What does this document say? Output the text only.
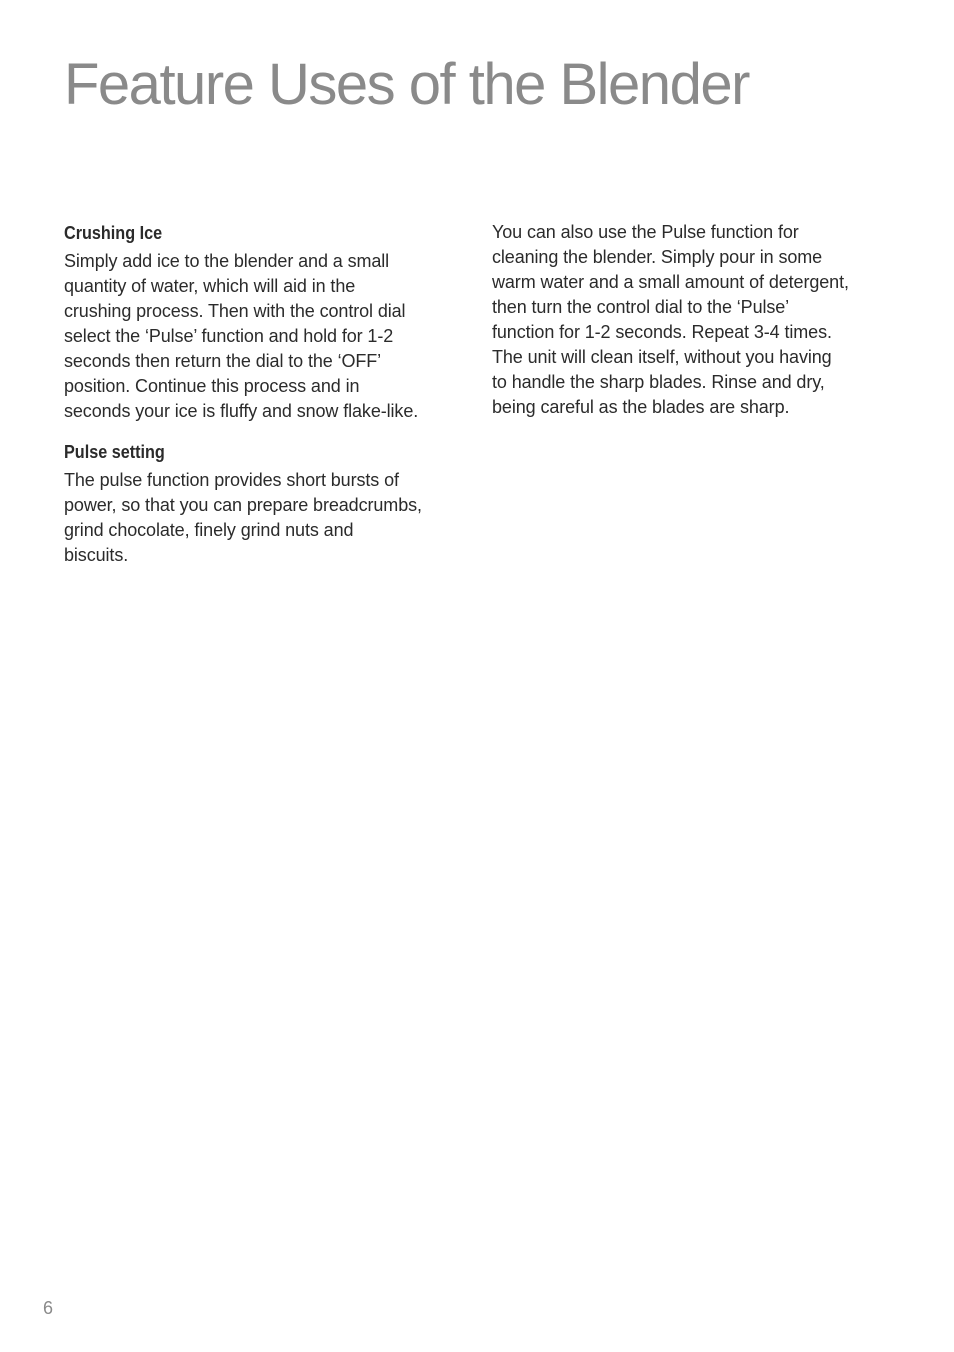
Feature Uses of the Blender
Crushing Ice

Simply add ice to the blender and a small
quantity of water, which will aid in the
crushing process. Then with the control dial
select the ‘Pulse’ function and hold for 1-2
seconds then return the dial to the ‘OFF’
position. Continue this process and in
seconds your ice is fluffy and snow flake-like.

Pulse setting

The pulse function provides short bursts of
power, so that you can prepare breadcrumbs,
grind chocolate, finely grind nuts and
biscuits.

You can also use the Pulse function for
cleaning the blender. Simply pour in some
warm water and a small amount of detergent,
then turn the control dial to the ‘Pulse’
function for 1-2 seconds. Repeat 3-4 times.
The unit will clean itself, without you having
to handle the sharp blades. Rinse and dry,
being careful as the blades are sharp.

6
